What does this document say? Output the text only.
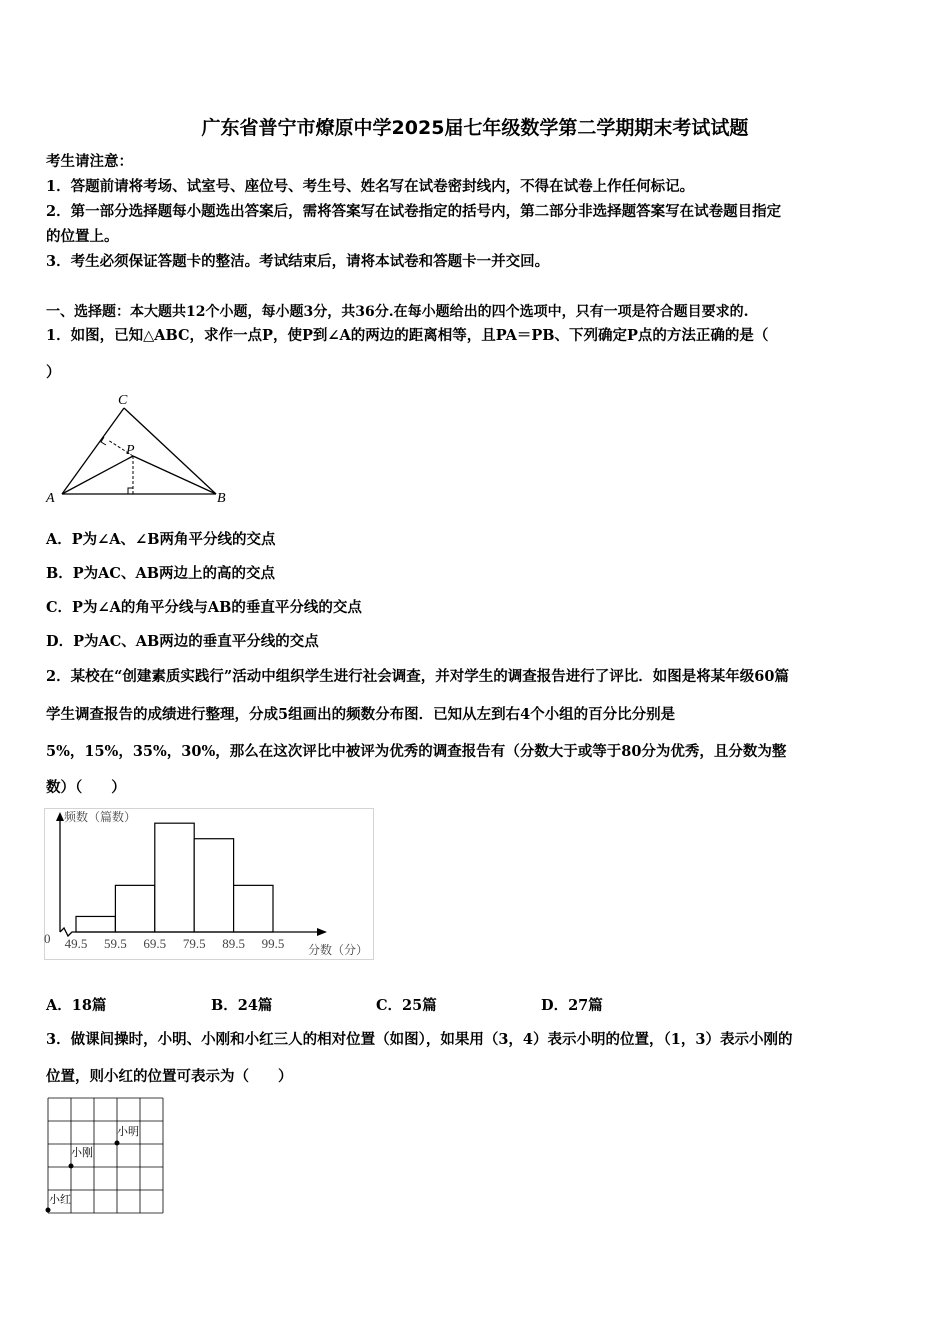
广东省普宁市燎原中学2025届七年级数学第二学期期末考试试题
考生请注意：
1．答题前请将考场、试室号、座位号、考生号、姓名写在试卷密封线内，不得在试卷上作任何标记。
2．第一部分选择题每小题选出答案后，需将答案写在试卷指定的括号内，第二部分非选择题答案写在试卷题目指定
的位置上。
3．考生必须保证答题卡的整洁。考试结束后，请将本试卷和答题卡一并交回。
一、选择题：本大题共12个小题，每小题3分，共36分.在每小题给出的四个选项中，只有一项是符合题目要求的.
1．如图，已知△ABC，求作一点P，使P到∠A的两边的距离相等，且PA＝PB、下列确定P点的方法正确的是（
）
C
P
A	B
A．P为∠A、∠B两角平分线的交点
B．P为AC、AB两边上的高的交点
C．P为∠A的角平分线与AB的垂直平分线的交点
D．P为AC、AB两边的垂直平分线的交点
2．某校在“创建素质实践行”活动中组织学生进行社会调查，并对学生的调查报告进行了评比．如图是将某年级60篇
学生调查报告的成绩进行整理，分成5组画出的频数分布图．已知从左到右4个小组的百分比分别是
5%，15%，35%，30%，那么在这次评比中被评为优秀的调查报告有（分数大于或等于80分为优秀，且分数为整
数）（　　）
频数（篇数）
0
分数（分）
49.5 59.5 69.5 79.5 89.5 99.5
A．18篇	B．24篇	C．25篇	D．27篇
3．做课间操时，小明、小刚和小红三人的相对位置（如图），如果用（3，4）表示小明的位置，（1，3）表示小刚的
位置，则小红的位置可表示为（　　）
小明
小刚
小红
